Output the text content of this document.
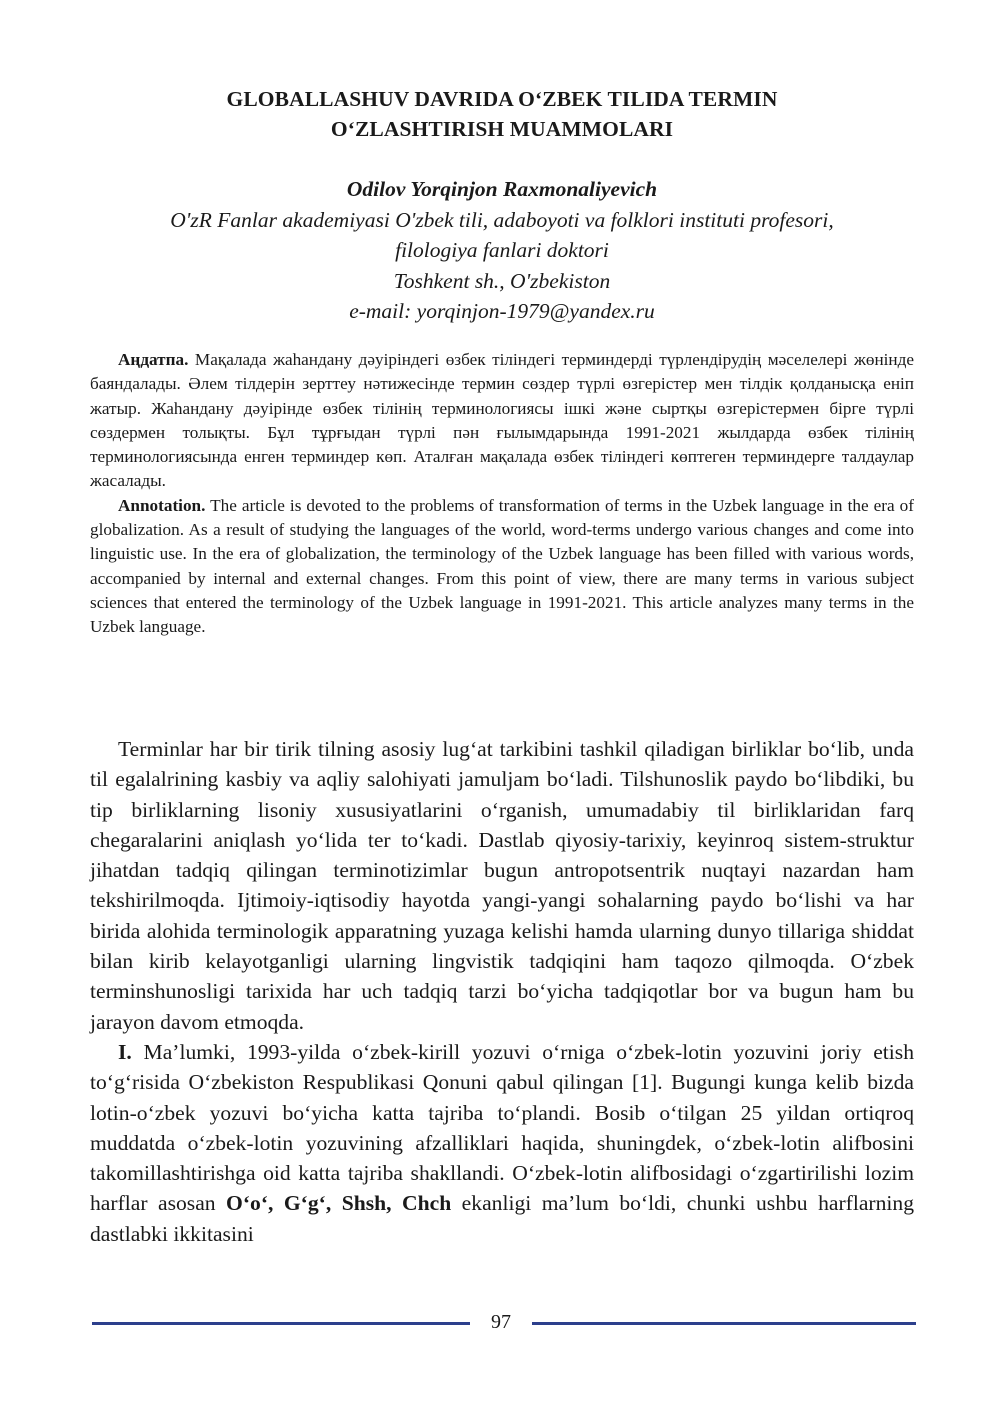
GLOBALLASHUV DAVRIDA O‘ZBEK TILIDA TERMIN
O‘ZLASHTIRISH MUAMMOLARI
Odilov Yorqinjon Raxmonaliyevich
O'zR Fanlar akademiyasi O'zbek tili, adaboyoti va folklori instituti profesori,
filologiya fanlari doktori
Toshkent sh., O'zbekiston
e-mail: yorqinjon-1979@yandex.ru

Аңдатпа. Мақалада жаһандану дәуіріндегі өзбек тіліндегі терминдерді түрлендірудің мәселелері жөнінде баяндалады. Әлем тілдерін зерттеу нәтижесінде термин сөздер түрлі өзгерістер мен тілдік қолданысқа еніп жатыр. Жаһандану дәуірінде өзбек тілінің терминологиясы ішкі және сыртқы өзгерістермен бірге түрлі сөздермен толықты. Бұл тұрғыдан түрлі пән ғылымдарында 1991-2021 жылдарда өзбек тілінің терминологиясында енген терминдер көп. Аталған мақалада өзбек тіліндегі көптеген терминдерге талдаулар жасалады.

Annotation. The article is devoted to the problems of transformation of terms in the Uzbek language in the era of globalization. As a result of studying the languages of the world, word-terms undergo various changes and come into linguistic use. In the era of globalization, the terminology of the Uzbek language has been filled with various words, accompanied by internal and external changes. From this point of view, there are many terms in various subject sciences that entered the terminology of the Uzbek language in 1991-2021. This article analyzes many terms in the Uzbek language.

Terminlar har bir tirik tilning asosiy lug‘at tarkibini tashkil qiladigan birliklar bo‘lib, unda til egalalrining kasbiy va aqliy salohiyati jamuljam bo‘ladi. Tilshunoslik paydo bo‘libdiki, bu tip birliklarning lisoniy xususiyatlarini o‘rganish, umumadabiy til birliklaridan farq chegaralarini aniqlash yo‘lida ter to‘kadi. Dastlab qiyosiy-tarixiy, keyinroq sistem-struktur jihatdan tadqiq qilingan terminotizimlar bugun antropotsentrik nuqtayi nazardan ham tekshirilmoqda. Ijtimoiy-iqtisodiy hayotda yangi-yangi sohalarning paydo bo‘lishi va har birida alohida terminologik apparatning yuzaga kelishi hamda ularning dunyo tillariga shiddat bilan kirib kelayotganligi ularning lingvistik tadqiqini ham taqozo qilmoqda. O‘zbek terminshunosligi tarixida har uch tadqiq tarzi bo‘yicha tadqiqotlar bor va bugun ham bu jarayon davom etmoqda.

I. Ma’lumki, 1993-yilda o‘zbek-kirill yozuvi o‘rniga o‘zbek-lotin yozuvini joriy etish to‘g‘risida O‘zbekiston Respublikasi Qonuni qabul qilingan [1]. Bugungi kunga kelib bizda lotin-o‘zbek yozuvi bo‘yicha katta tajriba to‘plandi. Bosib o‘tilgan 25 yildan ortiqroq muddatda o‘zbek-lotin yozuvining afzalliklari haqida, shuningdek, o‘zbek-lotin alifbosini takomillashtirishga oid katta tajriba shakllandi. O‘zbek-lotin alifbosidagi o‘zgartirilishi lozim harflar asosan O‘o‘, G‘g‘, Shsh, Chch ekanligi ma’lum bo‘ldi, chunki ushbu harflarning dastlabki ikkitasini

97
